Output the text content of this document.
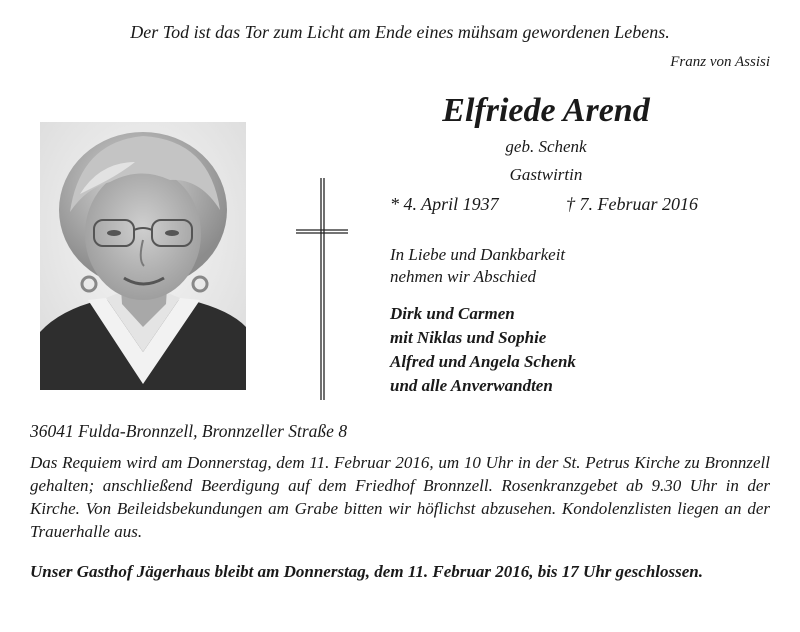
Der Tod ist das Tor zum Licht am Ende eines mühsam gewordenen Lebens.
Franz von Assisi
Elfriede Arend
geb. Schenk
Gastwirtin
* 4. April 1937	† 7. Februar 2016
In Liebe und Dankbarkeit
nehmen wir Abschied
Dirk und Carmen
mit Niklas und Sophie
Alfred und Angela Schenk
und alle Anverwandten
36041 Fulda-Bronnzell, Bronnzeller Straße 8
Das Requiem wird am Donnerstag, dem 11. Februar 2016, um 10 Uhr in der St. Petrus Kirche zu Bronnzell gehalten; anschließend Beerdigung auf dem Friedhof Bronnzell. Rosenkranzgebet ab 9.30 Uhr in der Kirche. Von Beileidsbekundungen am Grabe bitten wir höflichst abzusehen. Kondolenzlisten liegen an der Trauerhalle aus.
Unser Gasthof Jägerhaus bleibt am Donnerstag, dem 11. Februar 2016, bis 17 Uhr geschlossen.
